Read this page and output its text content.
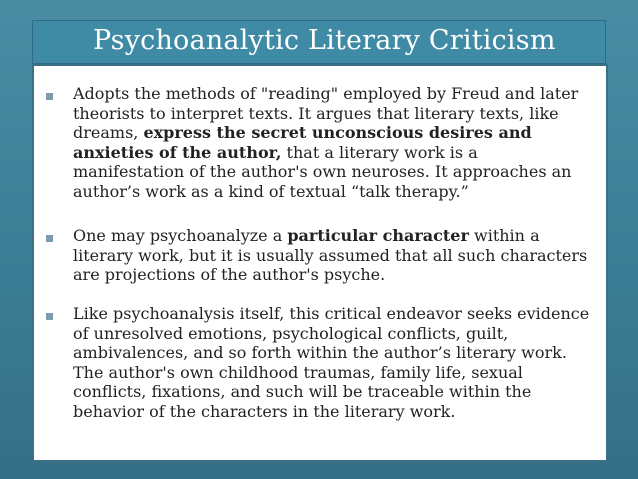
Psychoanalytic Literary Criticism
Adopts the methods of "reading" employed by Freud and later theorists to interpret texts. It argues that literary texts, like dreams, express the secret unconscious desires and anxieties of the author, that a literary work is a manifestation of the author's own neuroses. It approaches an author’s work as a kind of textual “talk therapy.”
One may psychoanalyze a particular character within a literary work, but it is usually assumed that all such characters are projections of the author's psyche.
Like psychoanalysis itself, this critical endeavor seeks evidence of unresolved emotions, psychological conflicts, guilt, ambivalences, and so forth within the author’s literary work. The author's own childhood traumas, family life, sexual conflicts, fixations, and such will be traceable within the behavior of the characters in the literary work.
